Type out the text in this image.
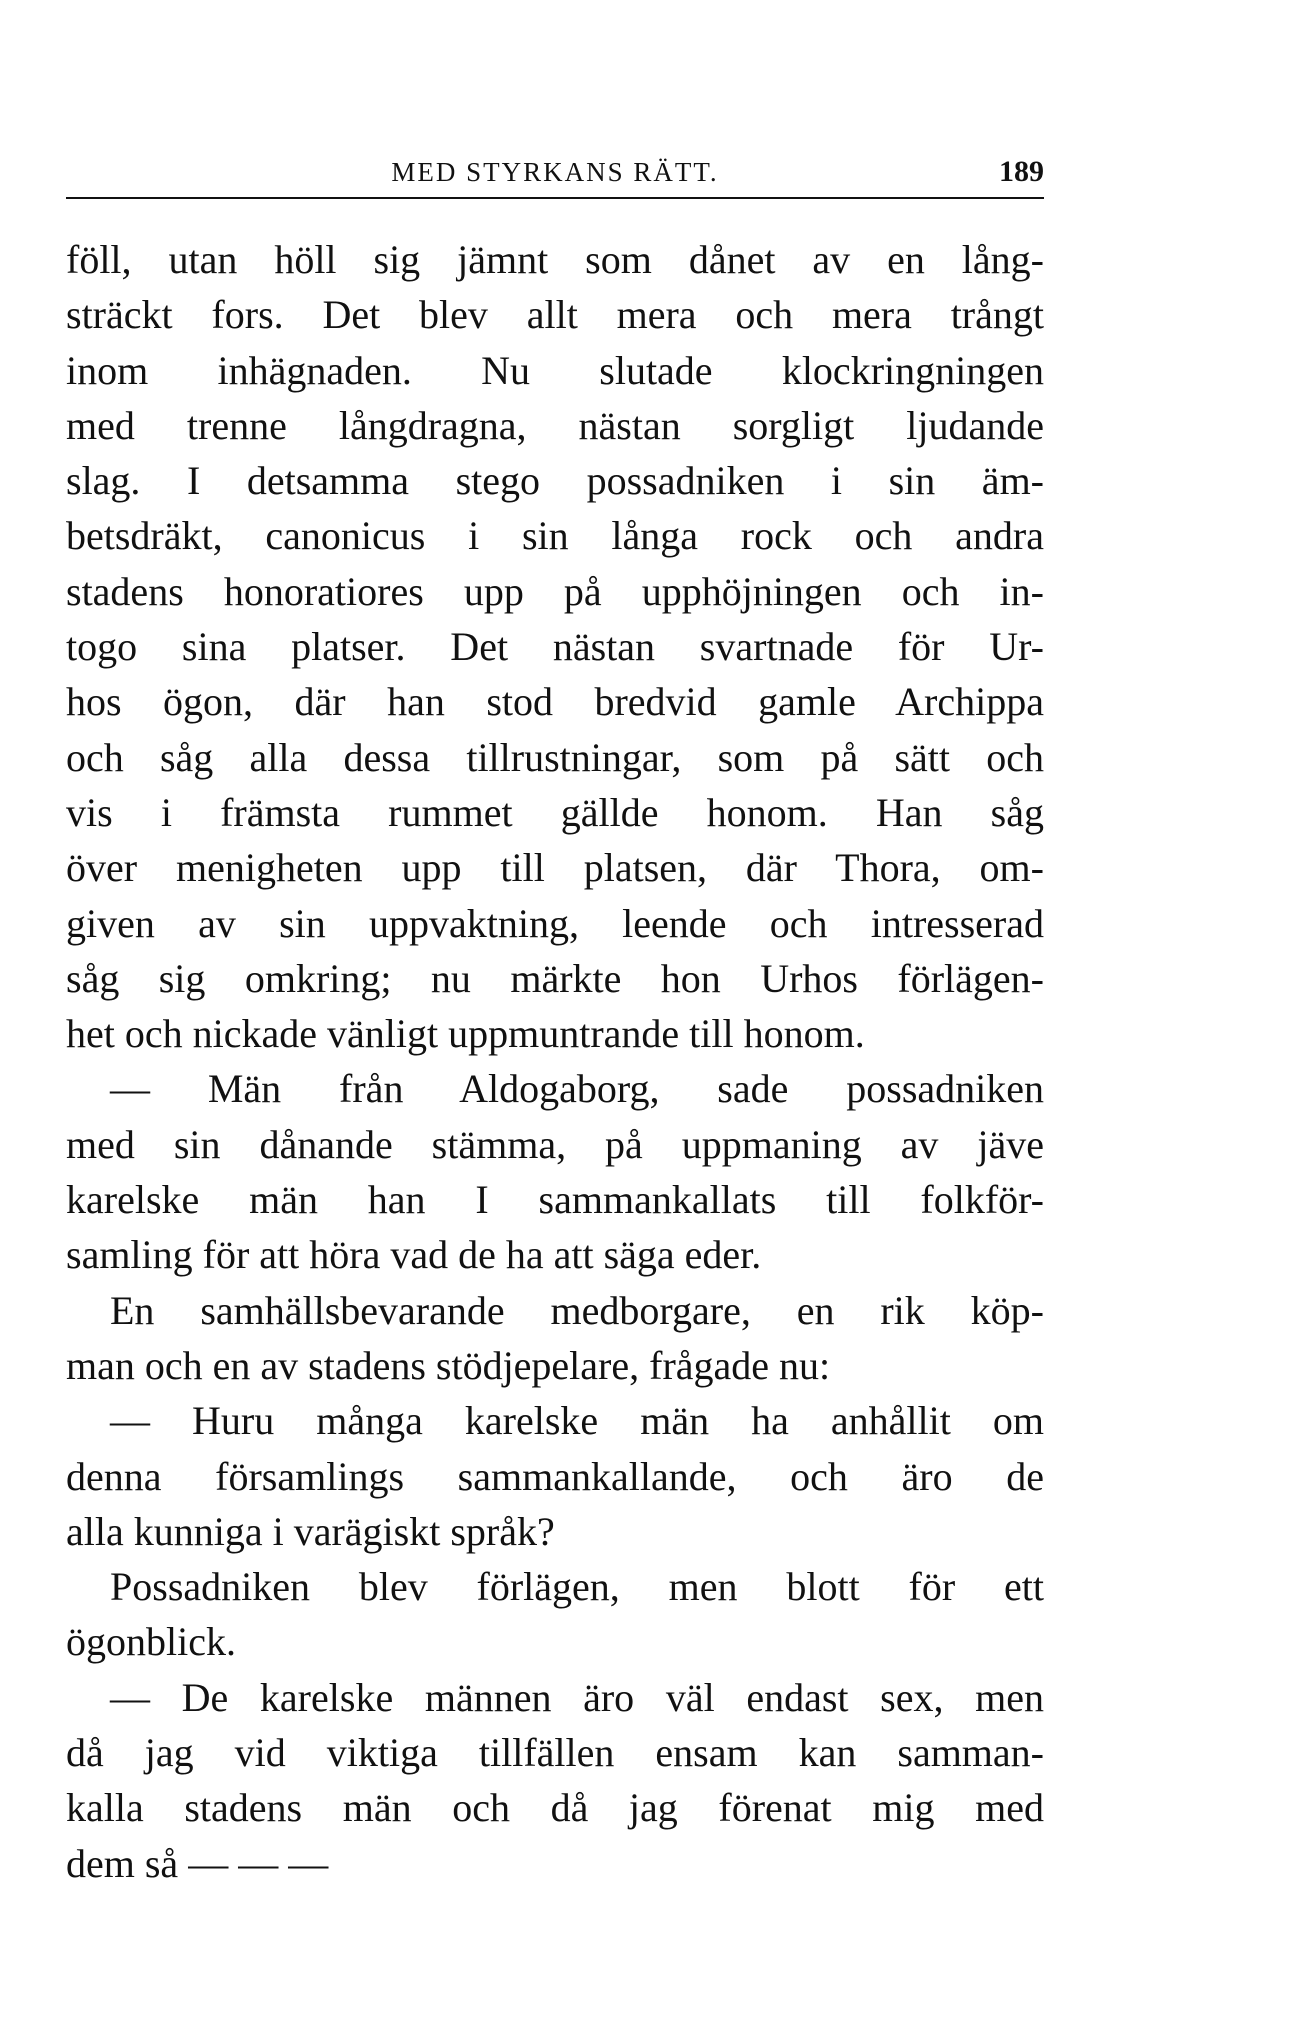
MED STYRKANS RÄTT.	189
föll, utan höll sig jämnt som dånet av en lång-
sträckt fors. Det blev allt mera och mera trångt
inom inhägnaden. Nu slutade klockringningen
med trenne långdragna, nästan sorgligt ljudande
slag. I detsamma stego possadniken i sin äm-
betsdräkt, canonicus i sin långa rock och andra
stadens honoratiores upp på upphöjningen och in-
togo sina platser. Det nästan svartnade för Ur-
hos ögon, där han stod bredvid gamle Archippa
och såg alla dessa tillrustningar, som på sätt och
vis i främsta rummet gällde honom. Han såg
över menigheten upp till platsen, där Thora, om-
given av sin uppvaktning, leende och intresserad
såg sig omkring; nu märkte hon Urhos förlägen-
het och nickade vänligt uppmuntrande till honom.
— Män från Aldogaborg, sade possadniken
med sin dånande stämma, på uppmaning av jäve
karelske män han I sammankallats till folkför-
samling för att höra vad de ha att säga eder.
En samhällsbevarande medborgare, en rik köp-
man och en av stadens stödjepelare, frågade nu:
— Huru många karelske män ha anhållit om
denna församlings sammankallande, och äro de
alla kunniga i varägiskt språk?
Possadniken blev förlägen, men blott för ett
ögonblick.
— De karelske männen äro väl endast sex, men
då jag vid viktiga tillfällen ensam kan samman-
kalla stadens män och då jag förenat mig med
dem så — — —
